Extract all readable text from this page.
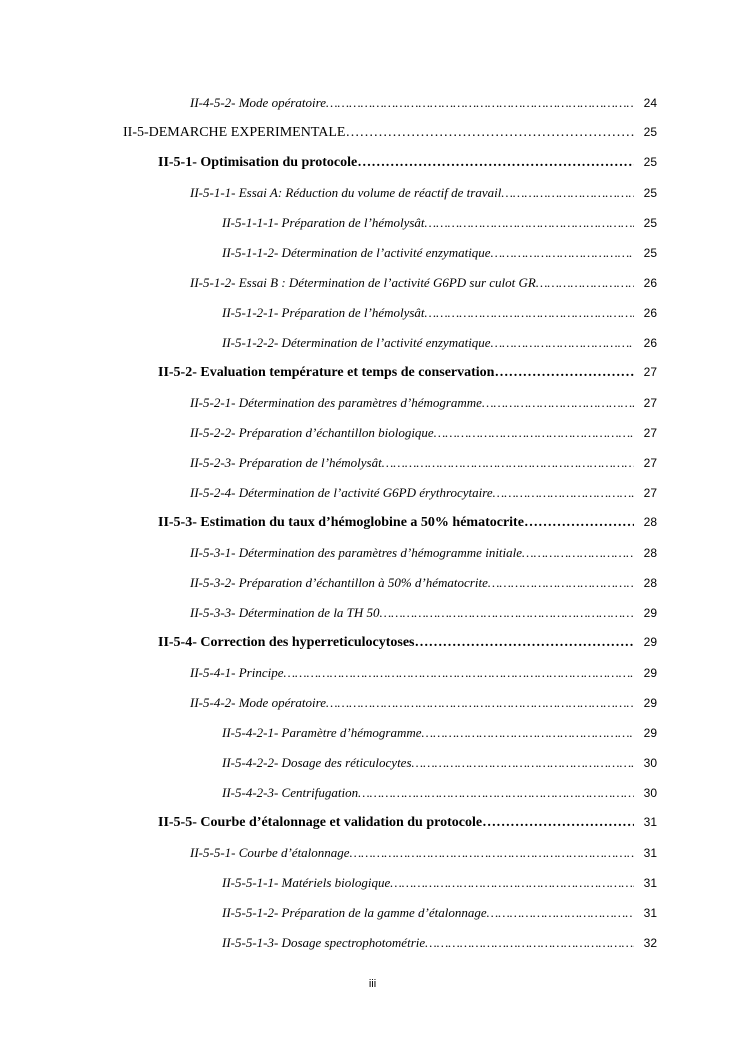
II-4-5-2- Mode opératoire ………………………………………………………………………………………………………………………………………………………………………………………	24
II-5-DEMARCHE EXPERIMENTALE ………………………………………………………………………………………………………………………………………………………………………………………	25
II-5-1- Optimisation du protocole ………………………………………………………………………………………………………………………………………………………………………………………	25
II-5-1-1- Essai A: Réduction du volume de réactif de travail ………………………………………………………………………………………………………………………………………………………………………………………	25
II-5-1-1-1- Préparation de l’hémolysât ………………………………………………………………………………………………………………………………………………………………………………………	25
II-5-1-1-2- Détermination de l’activité enzymatique ………………………………………………………………………………………………………………………………………………………………………………………	25
II-5-1-2- Essai B : Détermination de l’activité G6PD sur culot GR ………………………………………………………………………………………………………………………………………………………………………………………	26
II-5-1-2-1- Préparation de l’hémolysât ………………………………………………………………………………………………………………………………………………………………………………………	26
II-5-1-2-2- Détermination de l’activité enzymatique ………………………………………………………………………………………………………………………………………………………………………………………	26
II-5-2- Evaluation température et temps de conservation ………………………………………………………………………………………………………………………………………………………………………………………	27
II-5-2-1- Détermination des paramètres d’hémogramme ………………………………………………………………………………………………………………………………………………………………………………………	27
II-5-2-2- Préparation d’échantillon biologique ………………………………………………………………………………………………………………………………………………………………………………………	27
II-5-2-3- Préparation de l’hémolysât ………………………………………………………………………………………………………………………………………………………………………………………	27
II-5-2-4- Détermination de l’activité G6PD érythrocytaire ………………………………………………………………………………………………………………………………………………………………………………………	27
II-5-3- Estimation du taux d’hémoglobine a 50% hématocrite ………………………………………………………………………………………………………………………………………………………………………………………	28
II-5-3-1- Détermination des paramètres d’hémogramme initiale ………………………………………………………………………………………………………………………………………………………………………………………	28
II-5-3-2- Préparation d’échantillon à 50% d’hématocrite ………………………………………………………………………………………………………………………………………………………………………………………	28
II-5-3-3- Détermination de la TH 50 ………………………………………………………………………………………………………………………………………………………………………………………	29
II-5-4- Correction des hyperreticulocytoses ………………………………………………………………………………………………………………………………………………………………………………………	29
II-5-4-1- Principe ………………………………………………………………………………………………………………………………………………………………………………………	29
II-5-4-2- Mode opératoire ………………………………………………………………………………………………………………………………………………………………………………………	29
II-5-4-2-1- Paramètre d’hémogramme ………………………………………………………………………………………………………………………………………………………………………………………	29
II-5-4-2-2- Dosage des réticulocytes ………………………………………………………………………………………………………………………………………………………………………………………	30
II-5-4-2-3- Centrifugation ………………………………………………………………………………………………………………………………………………………………………………………	30
II-5-5- Courbe d’étalonnage et validation du protocole ………………………………………………………………………………………………………………………………………………………………………………………	31
II-5-5-1- Courbe d’étalonnage ………………………………………………………………………………………………………………………………………………………………………………………	31
II-5-5-1-1- Matériels biologique ………………………………………………………………………………………………………………………………………………………………………………………	31
II-5-5-1-2- Préparation de la gamme d’étalonnage ………………………………………………………………………………………………………………………………………………………………………………………	31
II-5-5-1-3- Dosage spectrophotométrie ………………………………………………………………………………………………………………………………………………………………………………………	32
iii
